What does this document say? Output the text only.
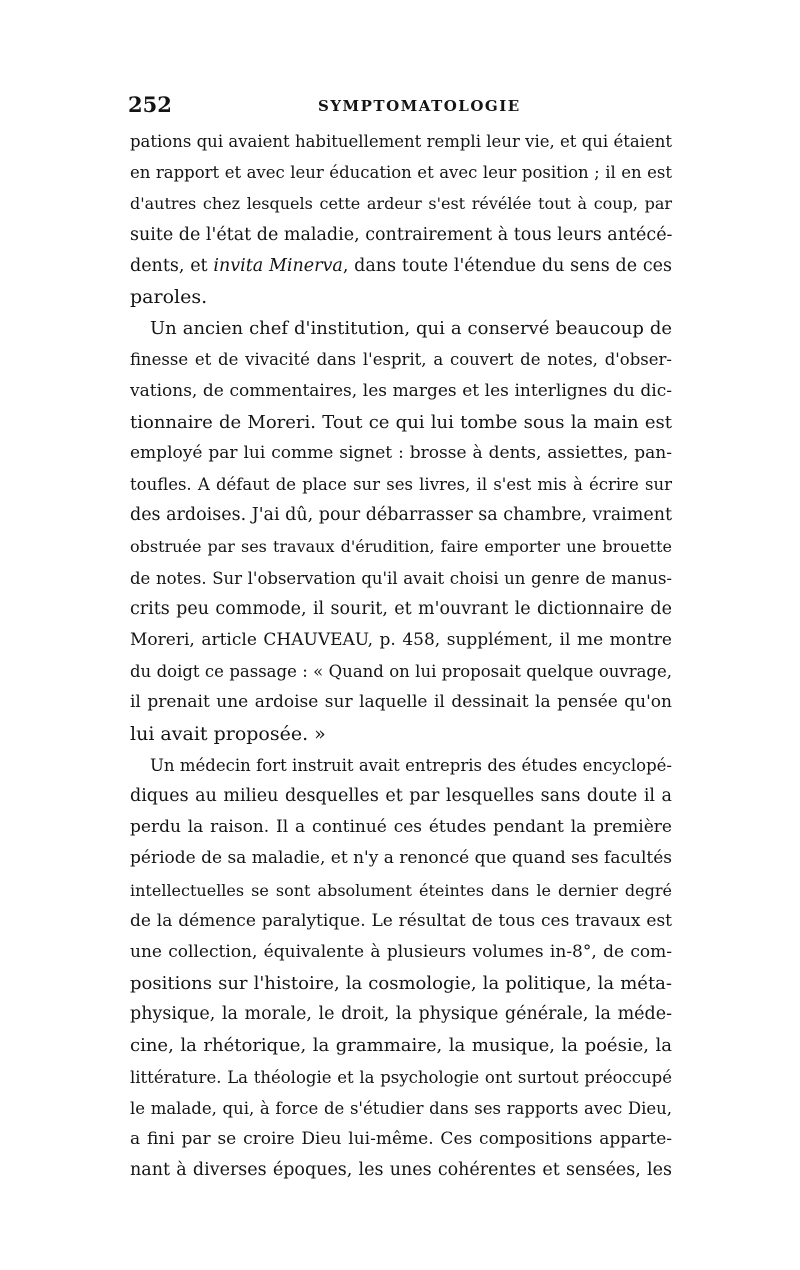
252	SYMPTOMATOLOGIE
pations qui avaient habituellement rempli leur vie, et qui étaient
en rapport et avec leur éducation et avec leur position ; il en est
d'autres chez lesquels cette ardeur s'est révélée tout à coup, par
suite de l'état de maladie, contrairement à tous leurs antécé-
dents, et invita Minerva, dans toute l'étendue du sens de ces
paroles.
Un ancien chef d'institution, qui a conservé beaucoup de
finesse et de vivacité dans l'esprit, a couvert de notes, d'obser-
vations, de commentaires, les marges et les interlignes du dic-
tionnaire de Moreri. Tout ce qui lui tombe sous la main est
employé par lui comme signet : brosse à dents, assiettes, pan-
toufles. A défaut de place sur ses livres, il s'est mis à écrire sur
des ardoises. J'ai dû, pour débarrasser sa chambre, vraiment
obstruée par ses travaux d'érudition, faire emporter une brouette
de notes. Sur l'observation qu'il avait choisi un genre de manus-
crits peu commode, il sourit, et m'ouvrant le dictionnaire de
Moreri, article CHAUVEAU, p. 458, supplément, il me montre
du doigt ce passage : « Quand on lui proposait quelque ouvrage,
il prenait une ardoise sur laquelle il dessinait la pensée qu'on
lui avait proposée. »
Un médecin fort instruit avait entrepris des études encyclopé-
diques au milieu desquelles et par lesquelles sans doute il a
perdu la raison. Il a continué ces études pendant la première
période de sa maladie, et n'y a renoncé que quand ses facultés
intellectuelles se sont absolument éteintes dans le dernier degré
de la démence paralytique. Le résultat de tous ces travaux est
une collection, équivalente à plusieurs volumes in-8°, de com-
positions sur l'histoire, la cosmologie, la politique, la méta-
physique, la morale, le droit, la physique générale, la méde-
cine, la rhétorique, la grammaire, la musique, la poésie, la
littérature. La théologie et la psychologie ont surtout préoccupé
le malade, qui, à force de s'étudier dans ses rapports avec Dieu,
a fini par se croire Dieu lui-même. Ces compositions apparte-
nant à diverses époques, les unes cohérentes et sensées, les
